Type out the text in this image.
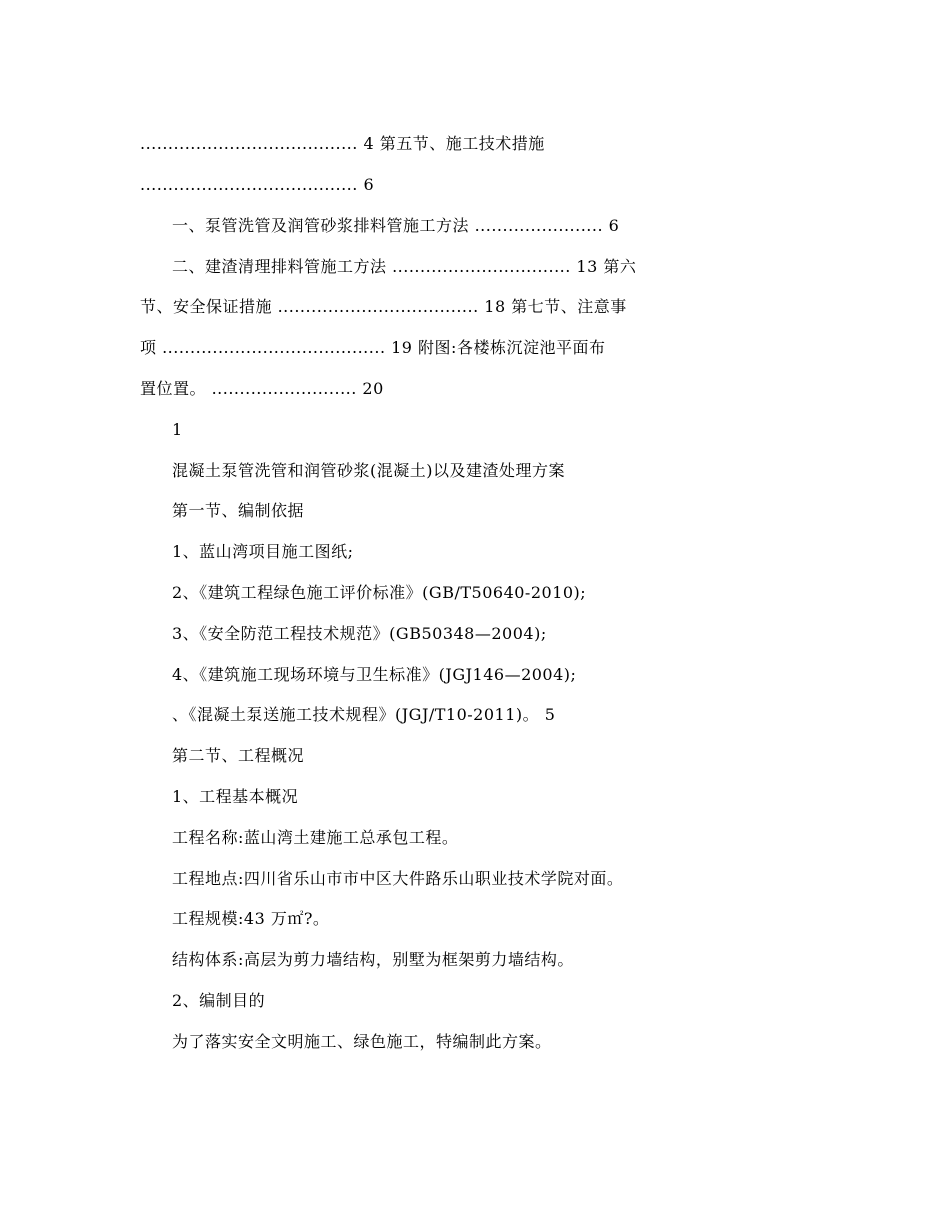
....................................... 4 第五节、施工技术措施
....................................... 6
一、泵管洗管及润管砂浆排料管施工方法 ....................... 6
二、建渣清理排料管施工方法 ................................ 13 第六
节、安全保证措施 .................................... 18 第七节、注意事
项 ........................................ 19 附图:各楼栋沉淀池平面布
置位置。 .......................... 20
1
混凝土泵管洗管和润管砂浆(混凝土)以及建渣处理方案
第一节、编制依据
1、蓝山湾项目施工图纸;
2、《建筑工程绿色施工评价标准》(GB/T50640-2010);
3、《安全防范工程技术规范》(GB50348—2004);
4、《建筑施工现场环境与卫生标准》(JGJ146—2004);
、《混凝土泵送施工技术规程》(JGJ/T10-2011)。 5
第二节、工程概况
1、工程基本概况
工程名称:蓝山湾土建施工总承包工程。
工程地点:四川省乐山市市中区大件路乐山职业技术学院对面。
工程规模:43 万㎡?。
结构体系:高层为剪力墙结构，别墅为框架剪力墙结构。
2、编制目的
为了落实安全文明施工、绿色施工，特编制此方案。
